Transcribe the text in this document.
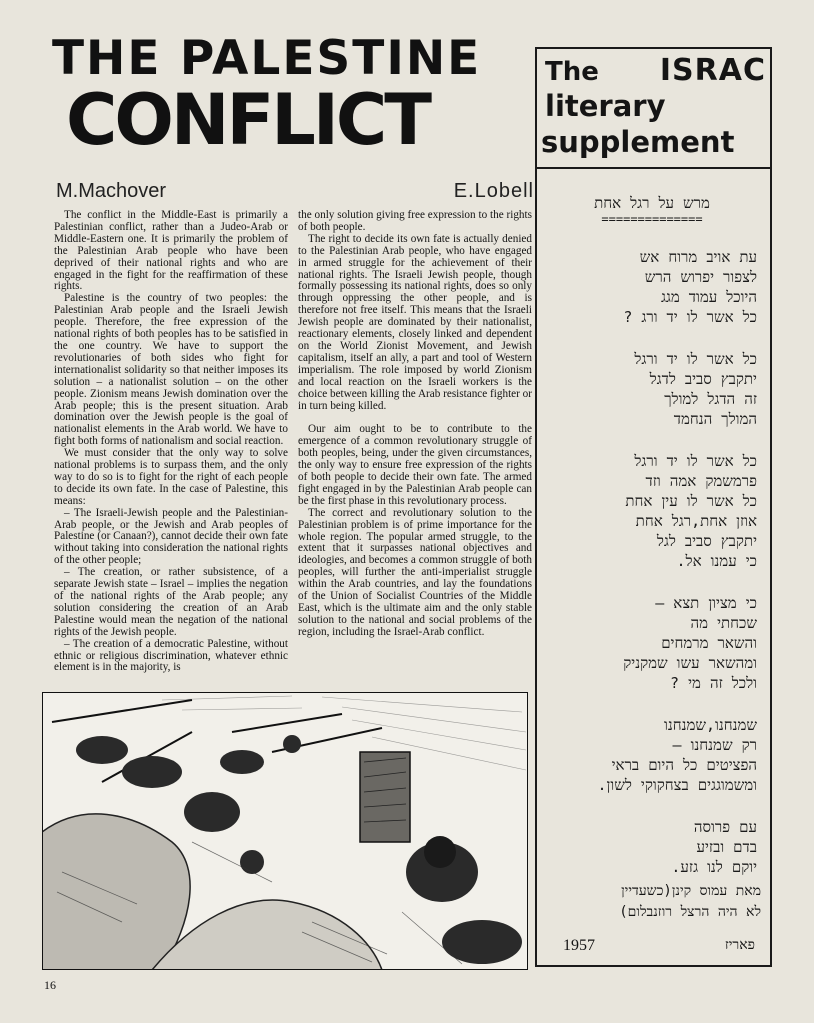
THE PALESTINE
CONFLICT
M.Machover	E.Lobell

The conflict in the Middle-East is primarily a Palestinian conflict, rather than a Judeo-Arab or Middle-Eastern one. It is primarily the problem of the Palestinian Arab people who have been deprived of their national rights and who are engaged in the fight for the reaffirmation of these rights.

Palestine is the country of two peoples: the Palestinian Arab people and the Israeli Jewish people. Therefore, the free expression of the national rights of both peoples has to be satisfied in the one country. We have to support the revolutionaries of both sides who fight for internationalist solidarity so that neither imposes its solution – a nationalist solution – on the other people. Zionism means Jewish domination over the Arab people; this is the present situation. Arab domination over the Jewish people is the goal of nationalist elements in the Arab world. We have to fight both forms of nationalism and social reaction.

We must consider that the only way to solve national problems is to surpass them, and the only way to do so is to fight for the right of each people to decide its own fate. In the case of Palestine, this means:

– The Israeli-Jewish people and the Palestinian-Arab people, or the Jewish and Arab peoples of Palestine (or Canaan?), cannot decide their own fate without taking into consideration the national rights of the other people;

– The creation, or rather subsistence, of a separate Jewish state – Israel – implies the negation of the national rights of the Arab people; any solution considering the creation of an Arab Palestine would mean the negation of the national rights of the Jewish people.

– The creation of a democratic Palestine, without ethnic or religious discrimination, whatever ethnic element is in the majority, is

the only solution giving free expression to the rights of both people.

The right to decide its own fate is actually denied to the Palestinian Arab people, who have engaged in armed struggle for the achievement of their national rights. The Israeli Jewish people, though formally possessing its national rights, does so only through oppressing the other people, and is therefore not free itself. This means that the Israeli Jewish people are dominated by their nationalist, reactionary elements, closely linked and dependent on the World Zionist Movement, and Jewish capitalism, itself an ally, a part and tool of Western imperialism. The role imposed by world Zionism and local reaction on the Israeli workers is the choice between killing the Arab resistance fighter or in turn being killed.

Our aim ought to be to contribute to the emergence of a common revolutionary struggle of both peoples, being, under the given circumstances, the only way to ensure free expression of the rights of both people to decide their own fate. The armed fight engaged in by the Palestinian Arab people can be the first phase in this revolutionary process.

The correct and revolutionary solution to the Palestinian problem is of prime importance for the whole region. The popular armed struggle, to the extent that it surpasses national objectives and ideologies, and becomes a common struggle of both peoples, will further the anti-imperialist struggle within the Arab countries, and lay the foundations of the Union of Socialist Countries of the Middle East, which is the ultimate aim and the only stable solution to the national and social problems of the region, including the Israel-Arab conflict.

16
The ISRAC
literary
supplement
מרש על רגל אחת
==============
עת אויב מרוח אש
לצפור יפרוש הרש
היוכל עמוד מגג
כל אשר לו יד ורג ?
כל אשר לו יד ורגל
יתקבץ סביב לדגל
זה הדגל למולך
המולך הנחמד
כל אשר לו יד ורגל
פרמשמק אמה וזד
כל אשר לו עין אחת
אוזן אחת,רגל אחת
יתקבץ סביב לגל
כי עמנו אל.
כי מציון תצא –
שכחתי מה
והשאר מרמחים
ומהשאר עשו שמקניק
ולכל זה מי ?
שמנחנו,שמנחנו
רק שמנחנו –
הפציטים כל היום בראי
ומשמוגגים בצחקוקי לשון.
עם פרוסה
בדם ובזיע
יוקם לנו גזע.
מאת עמוס קינן(כשעדיין
לא היה הרצל רוזנבלום)
1957	פאריז
